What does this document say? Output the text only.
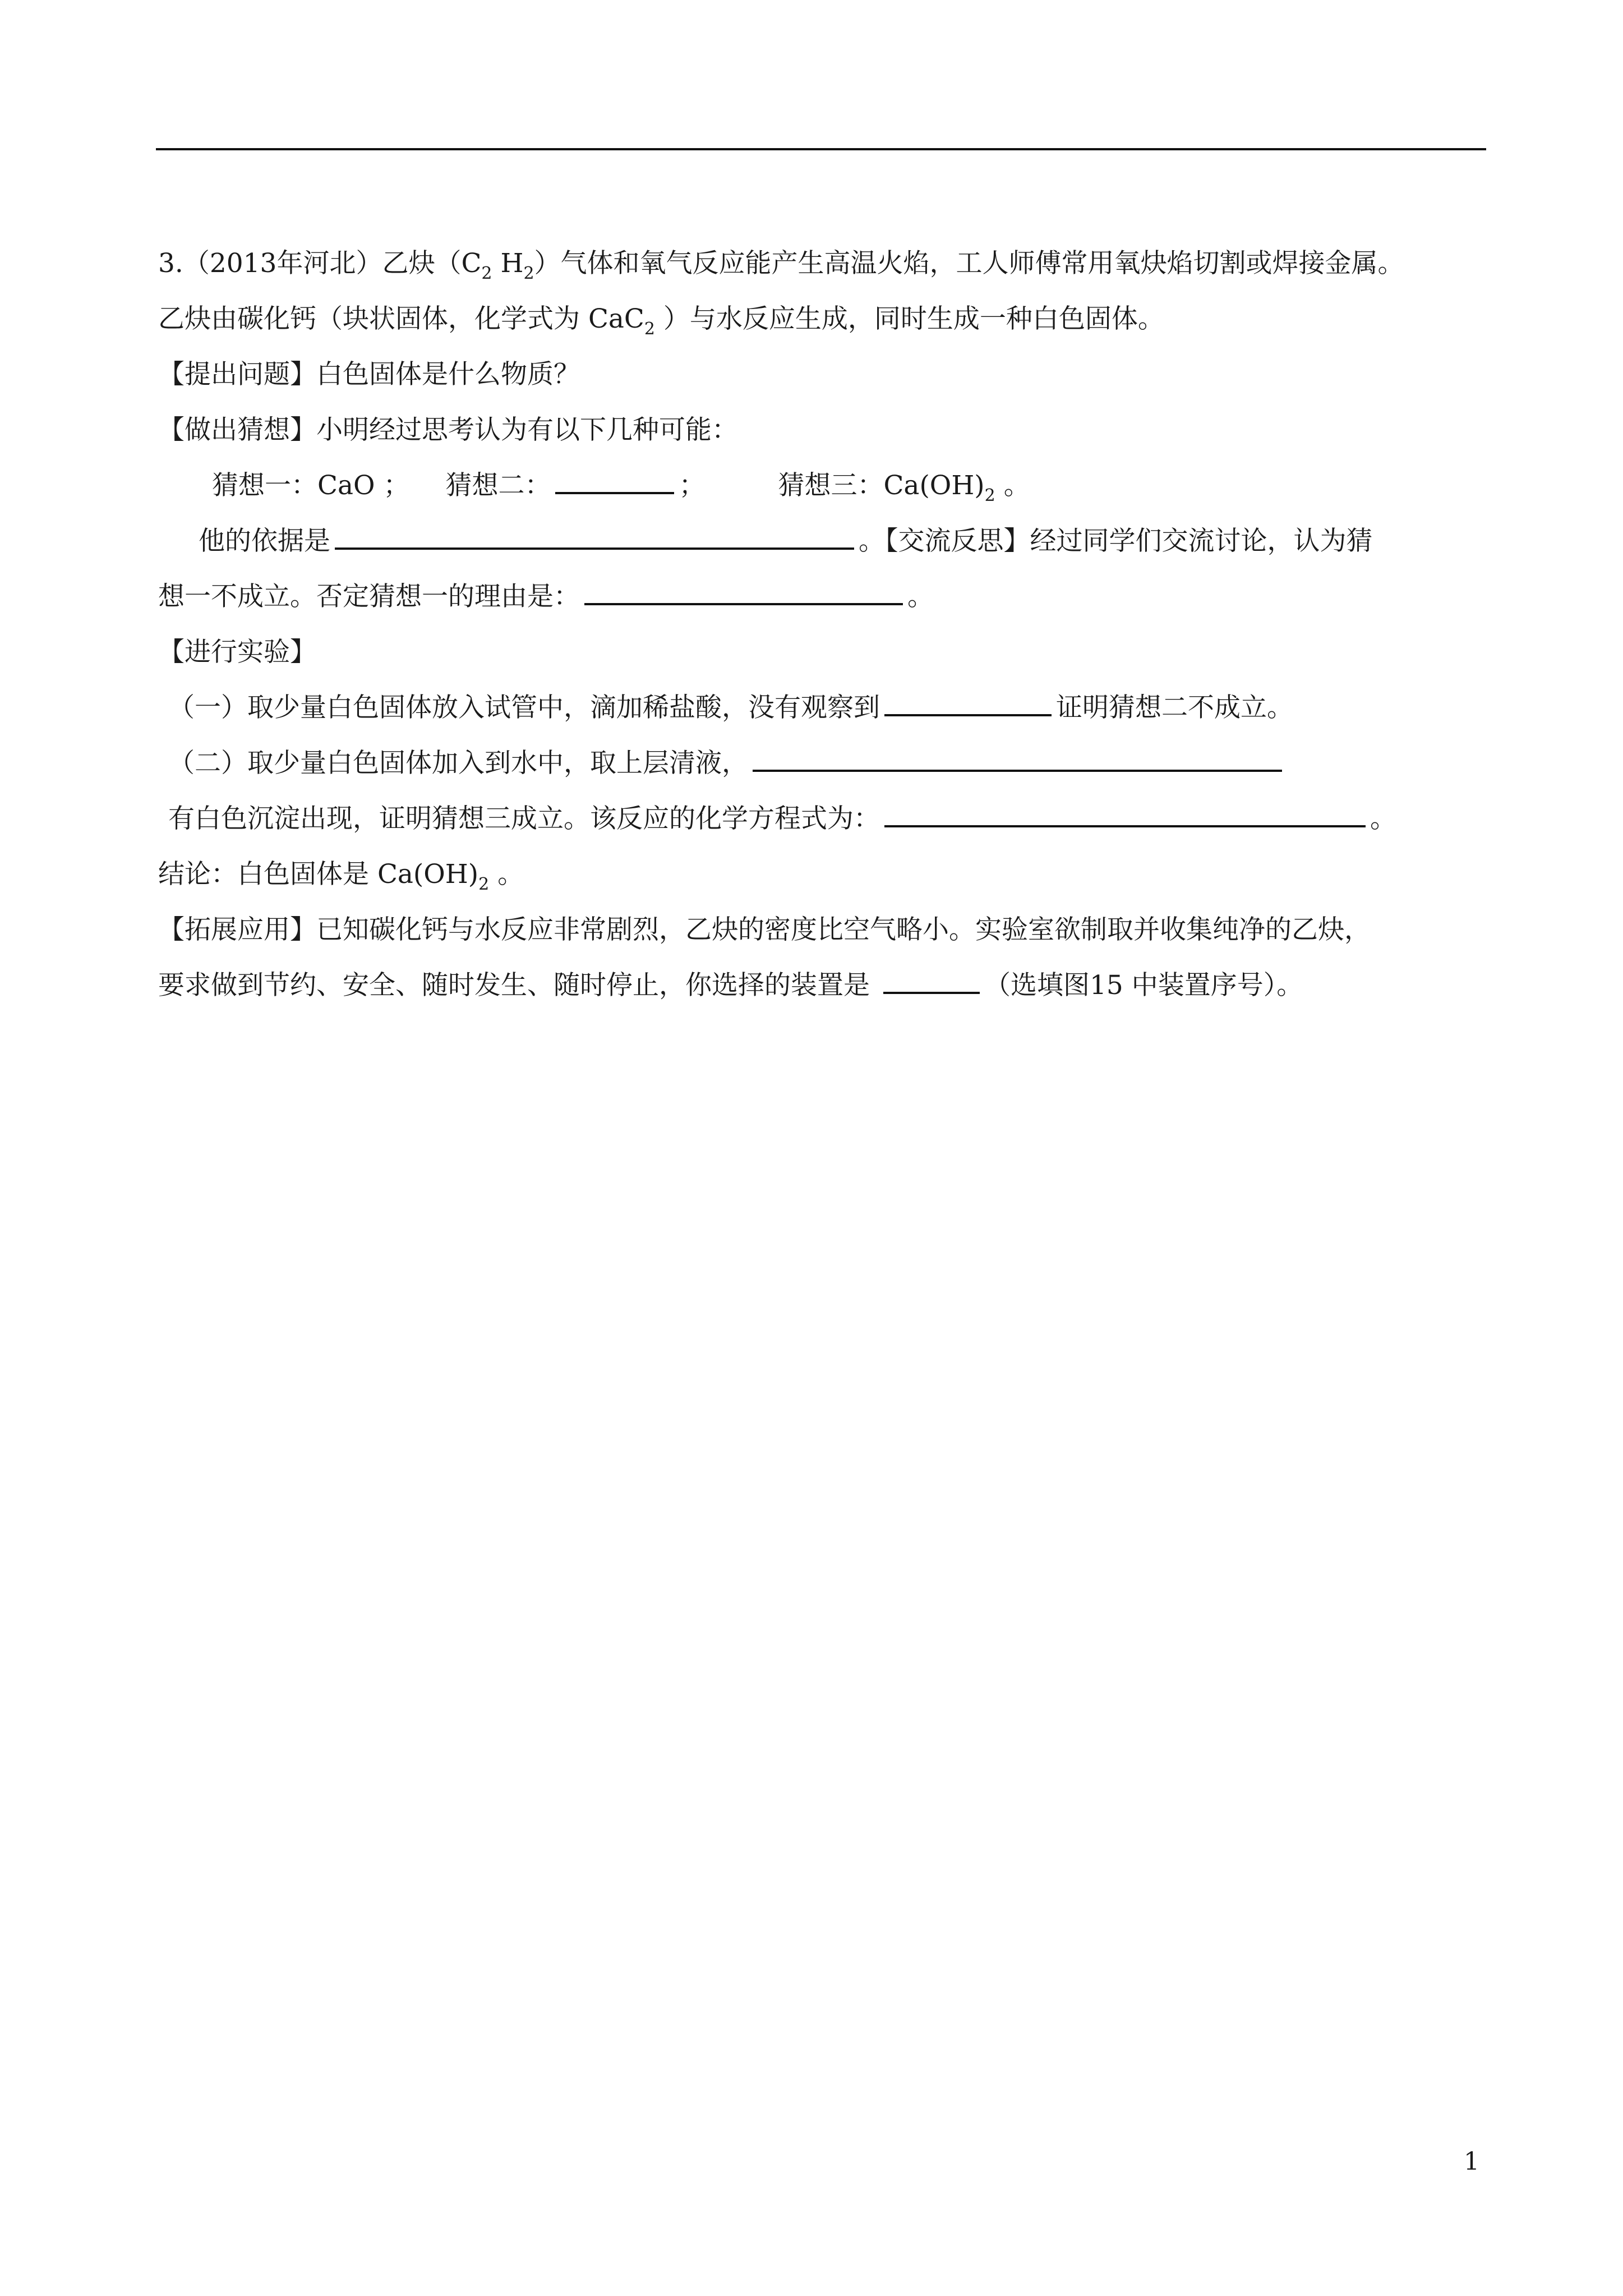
3.（2013年河北）乙炔（$C_2$ $H_2$）气体和氧气反应能产生高温火焰，工人师傅常用氧炔焰切割或焊接金属。
乙炔由碳化钙（块状固体，化学式为 CaC$_2$ ）与水反应生成，同时生成一种白色固体。
【提出问题】白色固体是什么物质？
【做出猜想】小明经过思考认为有以下几种可能：
猜想一：CaO ； 猜想二：	；	猜想三：$Ca(OH)_2$ 。
他的依据是	。【交流反思】经过同学们交流讨论，认为猜
想一不成立。否定猜想一的理由是：	。
【进行实验】
（一）取少量白色固体放入试管中，滴加稀盐酸，没有观察到	证明猜想二不成立。
（二）取少量白色固体加入到水中，取上层清液，
有白色沉淀出现，证明猜想三成立。该反应的化学方程式为：	。
结论：白色固体是 $Ca(OH)_2$ 。
【拓展应用】已知碳化钙与水反应非常剧烈，乙炔的密度比空气略小。实验室欲制取并收集纯净的乙炔，
要求做到节约、安全、随时发生、随时停止，你选择的装置是	（选填图15 中装置序号）。
1
